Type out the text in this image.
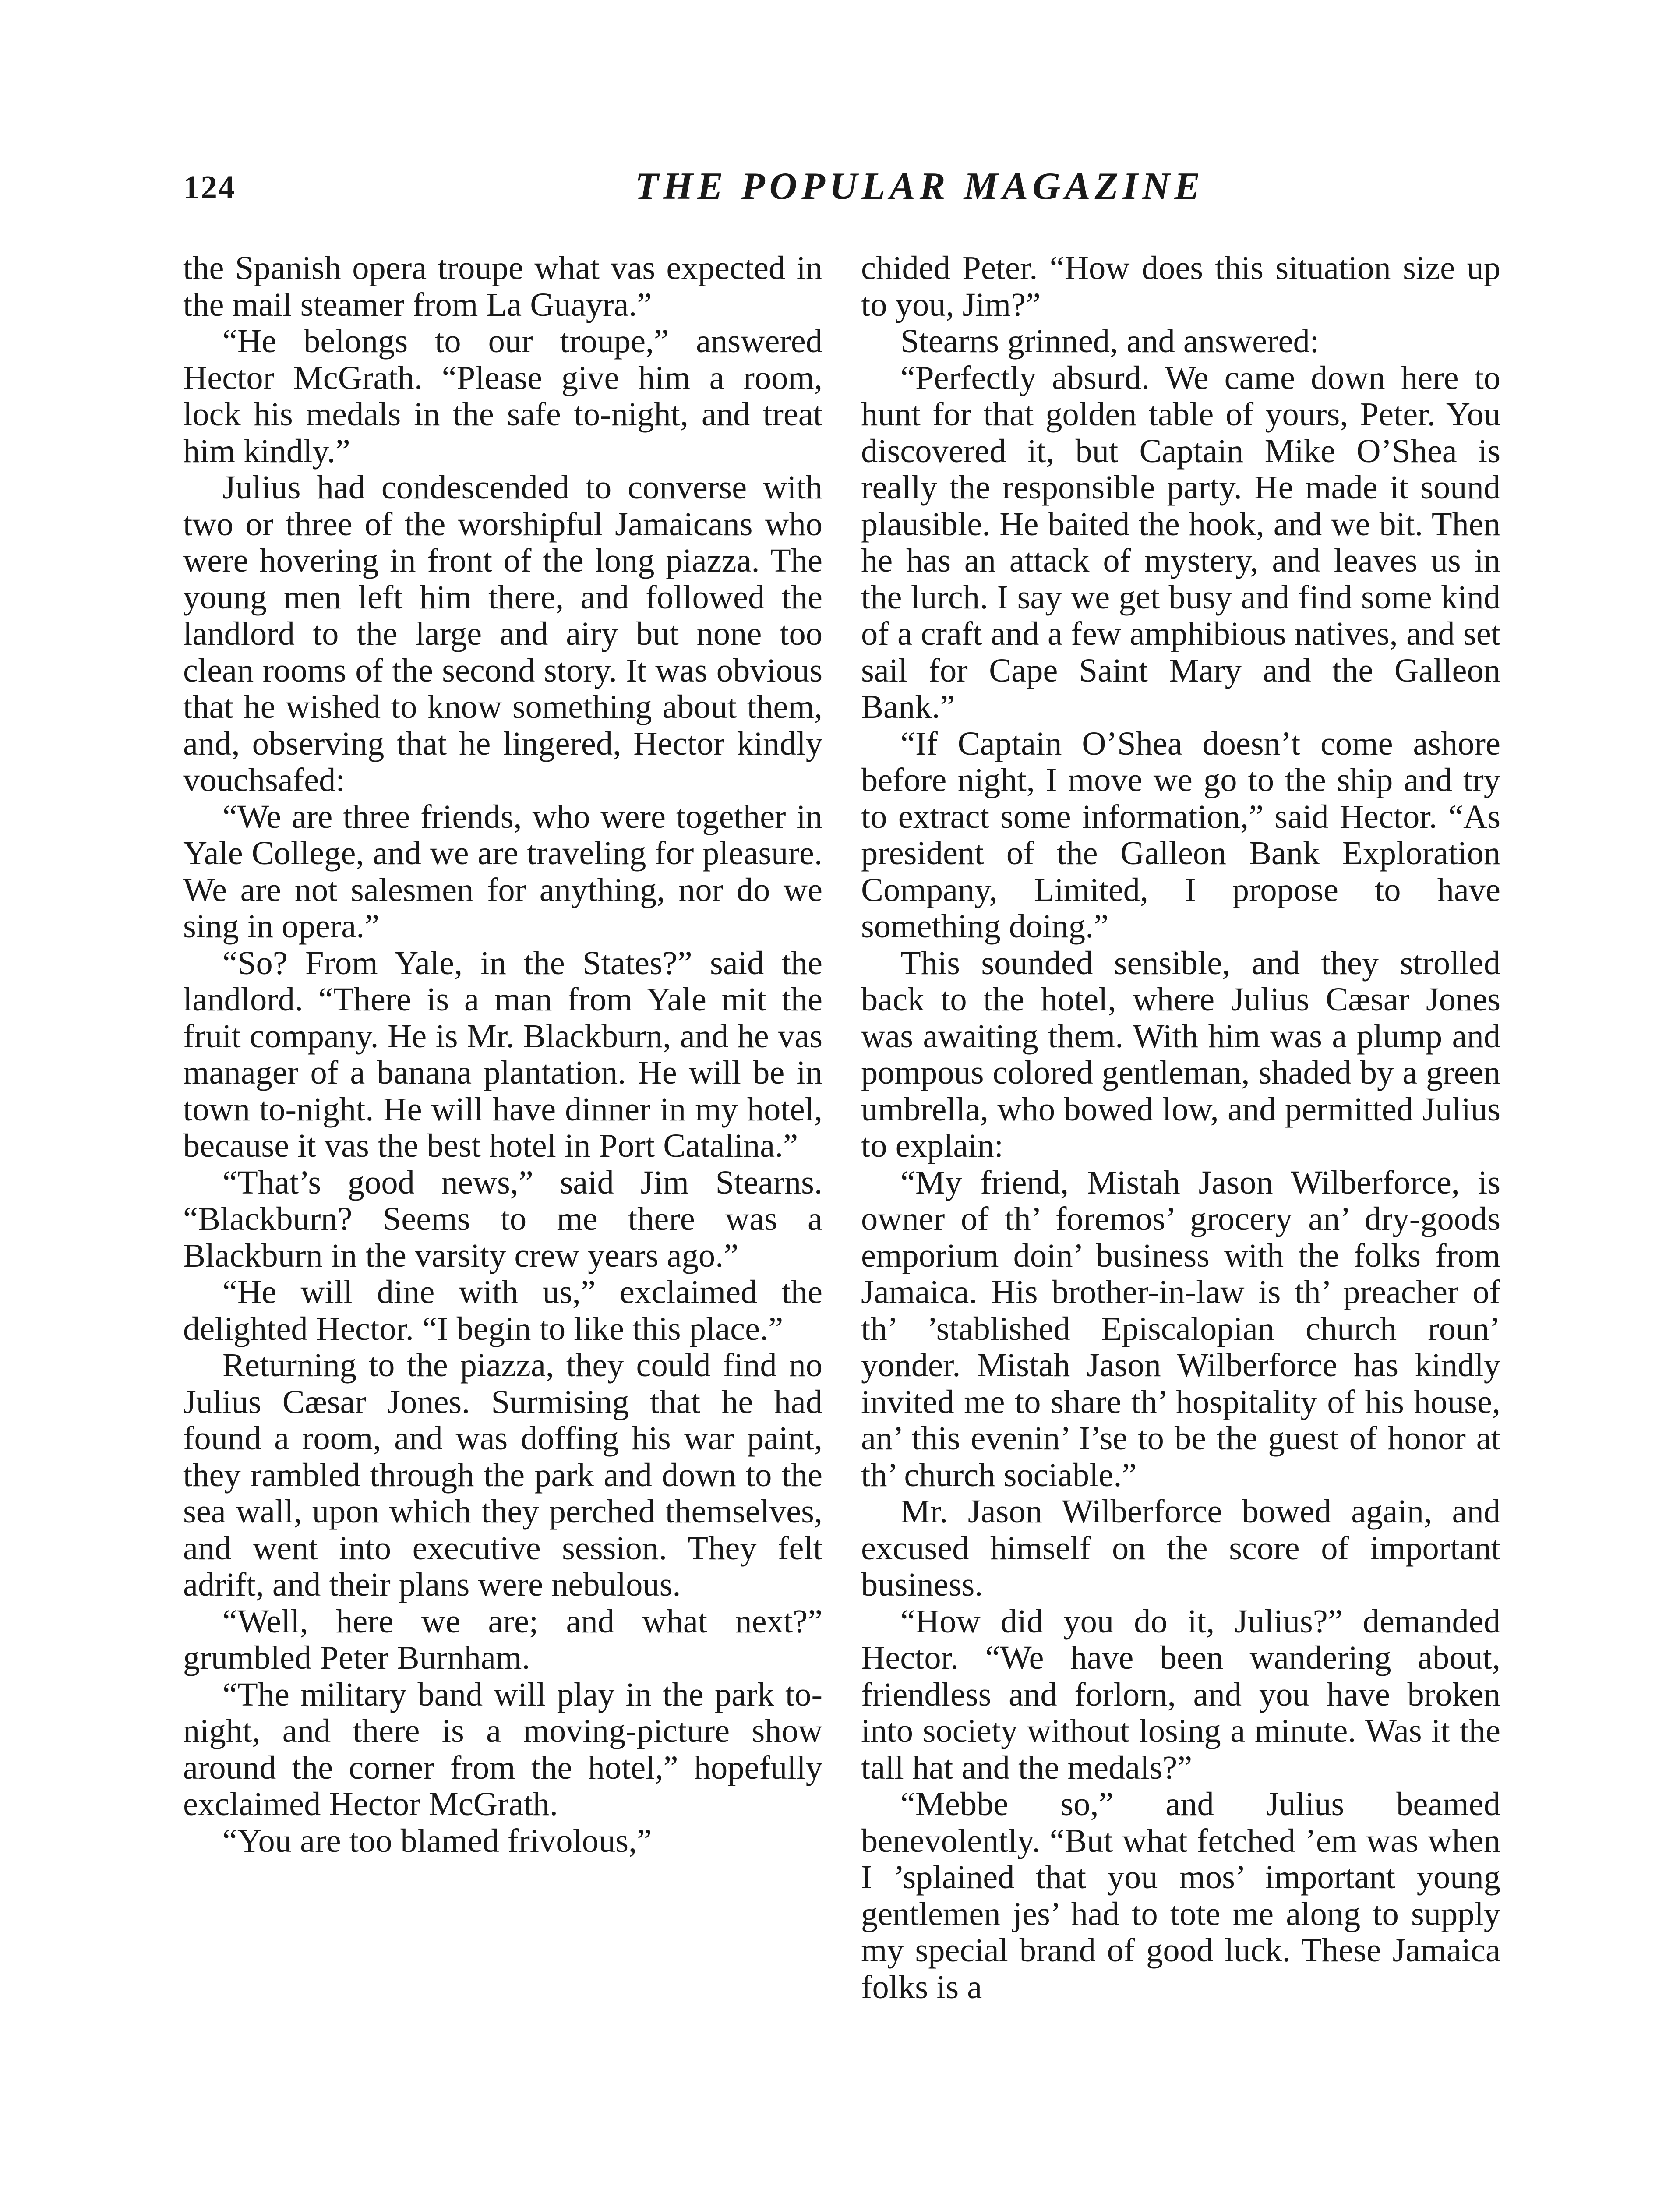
124	THE POPULAR MAGAZINE

the Spanish opera troupe what vas expected in the mail steamer from La Guayra.”

“He belongs to our troupe,” answered Hector McGrath. “Please give him a room, lock his medals in the safe to-night, and treat him kindly.”

Julius had condescended to converse with two or three of the worshipful Jamaicans who were hovering in front of the long piazza. The young men left him there, and followed the landlord to the large and airy but none too clean rooms of the second story. It was obvious that he wished to know something about them, and, observing that he lingered, Hector kindly vouchsafed:

“We are three friends, who were together in Yale College, and we are traveling for pleasure. We are not salesmen for anything, nor do we sing in opera.”

“So? From Yale, in the States?” said the landlord. “There is a man from Yale mit the fruit company. He is Mr. Blackburn, and he vas manager of a banana plantation. He will be in town to-night. He will have dinner in my hotel, because it vas the best hotel in Port Catalina.”

“That’s good news,” said Jim Stearns. “Blackburn? Seems to me there was a Blackburn in the varsity crew years ago.”

“He will dine with us,” exclaimed the delighted Hector. “I begin to like this place.”

Returning to the piazza, they could find no Julius Cæsar Jones. Surmising that he had found a room, and was doffing his war paint, they rambled through the park and down to the sea wall, upon which they perched themselves, and went into executive session. They felt adrift, and their plans were nebulous.

“Well, here we are; and what next?” grumbled Peter Burnham.

“The military band will play in the park to-night, and there is a moving-picture show around the corner from the hotel,” hopefully exclaimed Hector McGrath.

“You are too blamed frivolous,”

chided Peter. “How does this situation size up to you, Jim?”

Stearns grinned, and answered:

“Perfectly absurd. We came down here to hunt for that golden table of yours, Peter. You discovered it, but Captain Mike O’Shea is really the responsible party. He made it sound plausible. He baited the hook, and we bit. Then he has an attack of mystery, and leaves us in the lurch. I say we get busy and find some kind of a craft and a few amphibious natives, and set sail for Cape Saint Mary and the Galleon Bank.”

“If Captain O’Shea doesn’t come ashore before night, I move we go to the ship and try to extract some information,” said Hector. “As president of the Galleon Bank Exploration Company, Limited, I propose to have something doing.”

This sounded sensible, and they strolled back to the hotel, where Julius Cæsar Jones was awaiting them. With him was a plump and pompous colored gentleman, shaded by a green umbrella, who bowed low, and permitted Julius to explain:

“My friend, Mistah Jason Wilberforce, is owner of th’ foremos’ grocery an’ dry-goods emporium doin’ business with the folks from Jamaica. His brother-in-law is th’ preacher of th’ ’stablished Episcalopian church roun’ yonder. Mistah Jason Wilberforce has kindly invited me to share th’ hospitality of his house, an’ this evenin’ I’se to be the guest of honor at th’ church sociable.”

Mr. Jason Wilberforce bowed again, and excused himself on the score of important business.

“How did you do it, Julius?” demanded Hector. “We have been wandering about, friendless and forlorn, and you have broken into society without losing a minute. Was it the tall hat and the medals?”

“Mebbe so,” and Julius beamed benevolently. “But what fetched ’em was when I ’splained that you mos’ important young gentlemen jes’ had to tote me along to supply my special brand of good luck. These Jamaica folks is a
